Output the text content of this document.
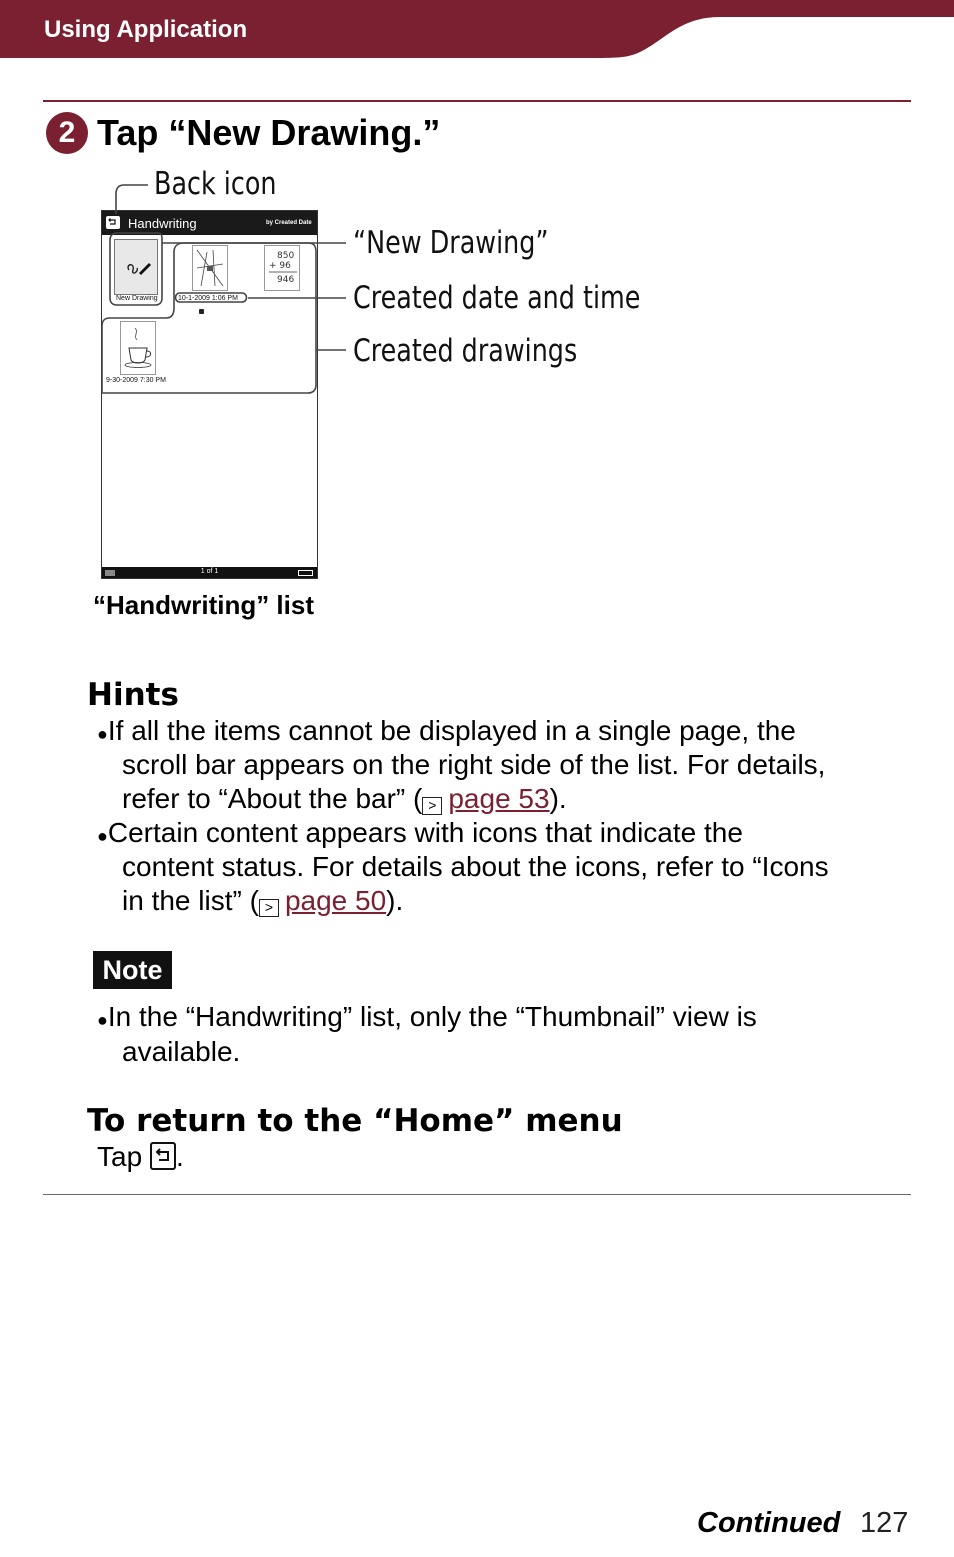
Using Application
2 Tap “New Drawing.”
Back icon
“New Drawing”
Created date and time
Created drawings
Handwriting	by Created Date
New Drawing
850
+ 96
946
10-1-2009 1:06 PM
9-30-2009 7:30 PM
1 of 1
“Handwriting” list
Hints
●If all the items cannot be displayed in a single page, the
scroll bar appears on the right side of the list. For details,
refer to “About the bar” ( > page 53).
●Certain content appears with icons that indicate the
content status. For details about the icons, refer to “Icons
in the list” ( > page 50).
Note
●In the “Handwriting” list, only the “Thumbnail” view is
available.
To return to the “Home” menu
Tap .
Continued 127
